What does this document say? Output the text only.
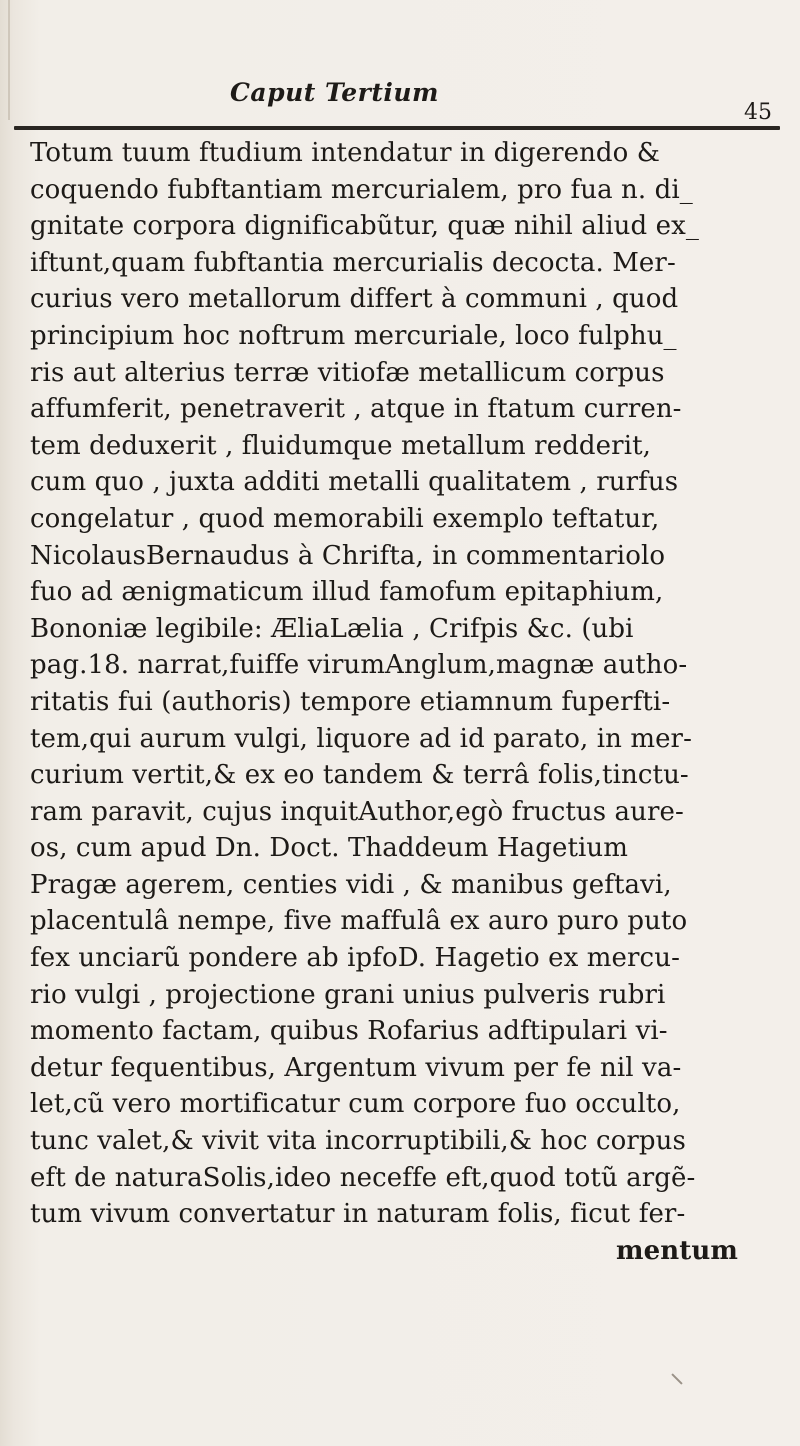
Caput Tertium
45
Totum tuum ftudium intendatur in digerendo &
coquendo fubftantiam mercurialem, pro fua n. di_
gnitate corpora dignificabũtur, quæ nihil aliud ex_
iftunt,quam fubftantia mercurialis decocta. Mer-
curius vero metallorum differt à communi , quod
principium hoc noftrum mercuriale, loco fulphu_
ris aut alterius terræ vitiofæ metallicum corpus
affumferit, penetraverit , atque in ftatum curren-
tem deduxerit , fluidumque metallum redderit,
cum quo , juxta additi metalli qualitatem , rurfus
congelatur , quod memorabili exemplo teftatur,
NicolausBernaudus à Chrifta, in commentariolo
fuo ad ænigmaticum illud famofum epitaphium,
Bononiæ legibile: ÆliaLælia , Crifpis &c. (ubi
pag.18. narrat,fuiffe virumAnglum,magnæ autho-
ritatis fui (authoris) tempore etiamnum fuperfti-
tem,qui aurum vulgi, liquore ad id parato, in mer-
curium vertit,& ex eo tandem & terrâ folis,tinctu-
ram paravit, cujus inquitAuthor,egò fructus aure-
os, cum apud Dn. Doct. Thaddeum Hagetium
Pragæ agerem, centies vidi , & manibus geftavi,
placentulâ nempe, five maffulâ ex auro puro puto
fex unciarũ pondere ab ipfoD. Hagetio ex mercu-
rio vulgi , projectione grani unius pulveris rubri
momento factam, quibus Rofarius adftipulari vi-
detur fequentibus, Argentum vivum per fe nil va-
let,cũ vero mortificatur cum corpore fuo occulto,
tunc valet,& vivit vita incorruptibili,& hoc corpus
eft de naturaSolis,ideo neceffe eft,quod totũ argẽ-
tum vivum convertatur in naturam folis, ficut fer-
mentum
